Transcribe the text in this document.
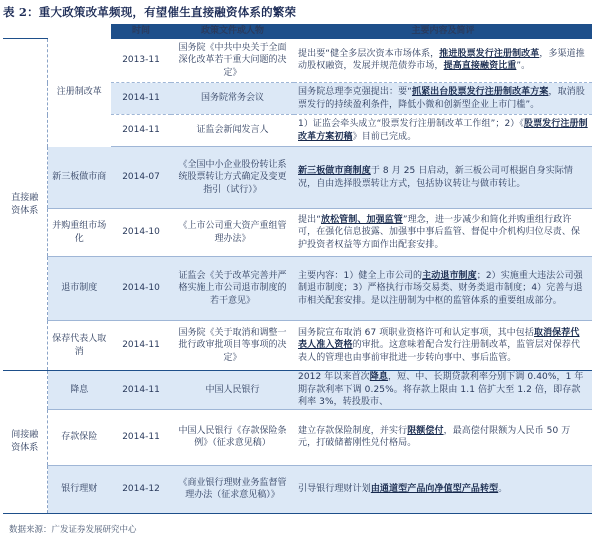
表 2：重大政策改革频现，有望催生直接融资体系的繁荣
		时间	政策文件或人物	主要内容及简评
直接融资体系	注册制改革	2013-11	国务院《中共中央关于全面深化改革若干重大问题的决定》	提出要“健全多层次资本市场体系，推进股票发行注册制改革，多渠道推动股权融资，发展并规范债券市场，提高直接融资比重”。
		2014-11	国务院常务会议	国务院总理李克强提出：要“抓紧出台股票发行注册制改革方案，取消股票发行的持续盈利条件，降低小微和创新型企业上市门槛”。
		2014-11	证监会新闻发言人	1）证监会牵头成立“股票发行注册制改革工作组”；2）《股票发行注册制改革方案初稿》目前已完成。
	新三板做市商	2014-07	《全国中小企业股份转让系统股票转让方式确定及变更指引（试行）》	新三板做市商制度于 8 月 25 日启动，新三板公司可根据自身实际情况，自由选择股票转让方式，包括协议转让与做市转让。
	并购重组市场化	2014-10	《上市公司重大资产重组管理办法》	提出“放松管制、加强监管”理念，进一步减少和简化并购重组行政许可，在强化信息披露、加强事中事后监管、督促中介机构归位尽责、保护投资者权益等方面作出配套安排。
	退市制度	2014-10	证监会《关于改革完善并严格实施上市公司退市制度的若干意见》	主要内容：1）健全上市公司的主动退市制度；2）实施重大违法公司强制退市制度；3）严格执行市场交易类、财务类退市制度；4）完善与退市相关配套安排。是以注册制为中枢的监管体系的重要组成部分。
	保荐代表人取消	2014-11	国务院《关于取消和调整一批行政审批项目等事项的决定》	国务院宣布取消 67 项职业资格许可和认定事项，其中包括取消保荐代表人准入资格的审批。这意味着配合发行注册制改革，监管层对保荐代表人的管理也由事前审批进一步转向事中、事后监管。
间接融资体系	降息	2014-11	中国人民银行	2012 年以来首次降息，短、中、长期贷款利率分别下调 0.40%，1 年期存款利率下调 0.25%。将存款上限由 1.1 倍扩大至 1.2 倍，即存款利率 3%，转投股市、
	存款保险	2014-11	中国人民银行《存款保险条例》（征求意见稿）	建立存款保险制度，并实行限额偿付，最高偿付限额为人民币 50 万元，打破储蓄刚性兑付格局。
	银行理财	2014-12	《商业银行理财业务监督管理办法（征求意见稿）》	引导银行理财计划由通道型产品向净值型产品转型。
数据来源：广发证券发展研究中心
